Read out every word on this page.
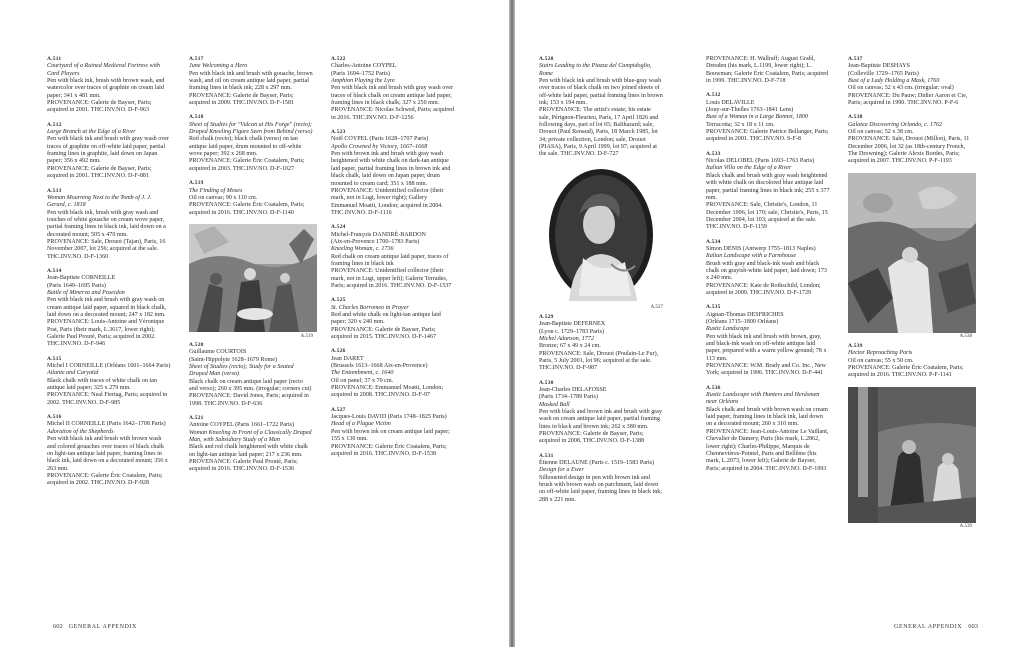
A.511
Courtyard of a Ruined Medieval Fortress with Card Players
Pen with black ink, brush with brown wash, and watercolor over traces of graphite on cream laid paper; 341 x 481 mm.
PROVENANCE: Galerie de Bayser, Paris; acquired in 2001. THC.INV.NO. D-F-963
A.512
Large Branch at the Edge of a River
Pen with black ink and brush with gray wash over traces of graphite on off-white laid paper, partial framing lines in graphite, laid down on Japan paper; 356 x 492 mm.
PROVENANCE: Galerie de Bayser, Paris; acquired in 2001. THC.INV.NO. D-F-881
A.513
Woman Mourning Next to the Tomb of J. J. Gerard, c. 1818
Pen with black ink, brush with gray wash and touches of white gouache on cream wove paper, partial framing lines in black ink, laid down on a decorated mount; 505 x 470 mm.
PROVENANCE: Sale, Drouot (Tajan), Paris, 16 November 2007, lot 256; acquired at the sale. THC.INV.NO. D-F-1360
A.514
Jean-Baptiste CORNEILLE
(Paris 1649–1695 Paris)
Battle of Minerva and Poseidon
Pen with black ink and brush with gray wash on cream antique laid paper, squared in black chalk, laid down on a decorated mount; 247 x 182 mm.
PROVENANCE: Louis-Antoine and Véronique Prat, Paris (their mark, L.3617, lower right); Galerie Paul Prouté, Paris; acquired in 2002. THC.INV.NO. D-F-946
A.515
Michel I CORNEILLE (Orléans 1601–1664 Paris)
Atlante and Caryatid
Black chalk with traces of white chalk on tan antique laid paper; 325 x 279 mm.
PROVENANCE: Neal Fiertag, Paris; acquired in 2002. THC.INV.NO. D-F-985
A.516
Michel II CORNEILLE (Paris 1642–1708 Paris)
Adoration of the Shepherds
Pen with black ink and brush with brown wash and colored gouaches over traces of black chalk on light-tan antique laid paper, framing lines in black ink, laid down on a decorated mount; 356 x 263 mm.
PROVENANCE: Galerie Éric Coatalem, Paris; acquired in 2002. THC.INV.NO. D-F-928
A.517
June Welcoming a Hero
Pen with black ink and brush with gouache, brown wash, and oil on cream antique laid paper, partial framing lines in black ink; 228 x 297 mm.
PROVENANCE: Galerie de Bayser, Paris; acquired in 2009. THC.INV.NO. D-F-1581
A.518
Sheet of Studies for "Vulcan at His Forge" (recto); Draped Kneeling Figure Seen from Behind (verso)
Red chalk (recto); black chalk (verso) on tan antique laid paper, drum mounted to off-white wove paper; 392 x 268 mm.
PROVENANCE: Galerie Éric Coatalem, Paris; acquired in 2003. THC.INV.NO. D-F-1027
A.519
The Finding of Moses
Oil on canvas; 90 x 110 cm.
PROVENANCE: Galerie Éric Coatalem, Paris; acquired in 2016. THC.INV.NO. D-F-1140
A.519
A.520
Guillaume COURTOIS
(Saint-Hippolyte 1628–1679 Rome)
Sheet of Studies (recto); Study for a Seated Draped Man (verso)
Black chalk on cream antique laid paper (recto and verso); 260 x 395 mm. (irregular; corners cut)
PROVENANCE: David Jones, Paris; acquired in 1998. THC.INV.NO. D-F-636
A.521
Antoine COYPEL (Paris 1661–1722 Paris)
Woman Kneeling in Front of a Classically Draped Man, with Subsidiary Study of a Man
Black and red chalk heightened with white chalk on light-tan antique laid paper; 217 x 236 mm.
PROVENANCE: Galerie Paul Prouté, Paris; acquired in 2016. THC.INV.NO. D-F-1536
A.522
Charles-Antoine COYPEL
(Paris 1694–1752 Paris)
Amphion Playing the Lyre
Pen with black ink and brush with gray wash over traces of black chalk on cream antique laid paper, framing lines in black chalk; 327 x 250 mm.
PROVENANCE: Nicolas Schwed, Paris; acquired in 2016. THC.INV.NO. D-F-1256
A.523
Noël COYPEL (Paris 1628–1707 Paris)
Apollo Crowned by Victory, 1667–1668
Pen with brown ink and brush with gray wash heightened with white chalk on dark-tan antique laid paper, partial framing lines in brown ink and black chalk, laid down on Japan paper, drum mounted to cream card; 351 x 188 mm.
PROVENANCE: Unidentified collector (their mark, not in Lugt, lower right); Gallery Emmanuel Moatti, London; acquired in 2004. THC.INV.NO. D-F-1116
A.524
Michel-François DANDRÉ-BARDON
(Aix-en-Provence 1700–1783 Paris)
Kneeling Woman, c. 1736
Red chalk on cream antique laid paper, traces of framing lines in black ink
PROVENANCE: Unidentified collector (their mark, not in Lugt, upper left); Galerie Terrades, Paris; acquired in 2016. THC.INV.NO. D-F-1537
A.525
St. Charles Borromeo in Prayer
Red and white chalk on light-tan antique laid paper; 320 x 240 mm.
PROVENANCE: Galerie de Bayser, Paris; acquired in 2015. THC.INV.NO. D-F-1467
A.526
Jean DARET
(Brussels 1613–1668 Aix-en-Provence)
The Entombment, c. 1640
Oil on panel; 37 x 70 cm.
PROVENANCE: Emmanuel Moatti, London; acquired in 2008. THC.INV.NO. D-F-97
A.527
Jacques-Louis DAVID (Paris 1748–1825 Paris)
Head of a Plague Victim
Pen with brown ink on cream antique laid paper; 155 x 130 mm.
PROVENANCE: Galerie Éric Coatalem, Paris; acquired in 2016. THC.INV.NO. D-F-1538
602 GENERAL APPENDIX
A.528
Stairs Leading to the Piazza del Campidoglio, Rome
Pen with black ink and brush with blue-gray wash over traces of black chalk on two joined sheets of off-white laid paper, partial framing lines in brown ink; 153 x 194 mm.
PROVENANCE: The artist's estate; his estate sale, Pérignon-Fleurieu, Paris, 17 April 1826 and following days, part of lot 65; Balthazard; sale, Drouot (Paul Renaud), Paris, 18 March 1985, lot 34; private collection, London; sale, Drouot (PIASA), Paris, 9 April 1999, lot 97; acquired at the sale. THC.INV.NO. D-F-727
A.527
A.529
Jean-Baptiste DEFERNEX
(Lyon c. 1729–1783 Paris)
Michel Adanson, 1772
Bronze; 67 x 49 x 24 cm.
PROVENANCE: Sale, Drouot (Poulain-Le Fur), Paris, 5 July 2001, lot 96; acquired at the sale. THC.INV.NO. D-F-987
A.530
Jean-Charles DELAFOSSE
(Paris 1734–1789 Paris)
Masked Ball
Pen with black and brown ink and brush with gray wash on cream antique laid paper, partial framing lines in black and brown ink; 262 x 380 mm.
PROVENANCE: Galerie de Bayser, Paris; acquired in 2008. THC.INV.NO. D-F-1388
A.531
Étienne DELAUNE (Paris c. 1519–1583 Paris)
Design for a Ewer
Silhouetted design in pen with brown ink and brush with brown wash on parchment, laid down on off-white laid paper, framing lines in black ink; 288 x 221 mm.
PROVENANCE: H. Wallraff; August Grahl, Dresden (his mark, L.1199, lower right); L. Bouwman; Galerie Éric Coatalem, Paris; acquired in 1999. THC.INV.NO. D-F-718
A.532
Louis DELAVILLE
(Jouy-sur-Thelles 1763–1841 Lens)
Bust of a Woman in a Large Bonnet, 1800
Terracotta; 32 x 18 x 11 cm.
PROVENANCE: Galerie Patrice Bellanger, Paris; acquired in 2001. THC.INV.NO. S-F-8
A.533
Nicolas DELOBEL (Paris 1693–1763 Paris)
Italian Villa on the Edge of a River
Black chalk and brush with gray wash heightened with white chalk on discolored blue antique laid paper, partial framing lines in black ink; 255 x 377 mm.
PROVENANCE: Sale, Christie's, London, 11 December 1996, lot 170; sale, Christie's, Paris, 15 December 2004, lot 103; acquired at the sale. THC.INV.NO. D-F-1159
A.534
Simon DENIS (Antwerp 1755–1813 Naples)
Italian Landscape with a Farmhouse
Brush with gray and black-ink wash and black chalk on grayish-white laid paper, laid down; 173 x 240 mm.
PROVENANCE: Kate de Rothschild, London; acquired in 2009. THC.INV.NO. D-F-1729
A.535
Aignan-Thomas DESFRICHES
(Orléans 1715–1800 Orléans)
Rustic Landscape
Pen with black ink and brush with brown, gray, and black-ink wash on off-white antique laid paper, prepared with a warm yellow ground; 78 x 113 mm.
PROVENANCE: W.M. Brady and Co. Inc., New York; acquired in 1996. THC.INV.NO. D-F-441
A.536
Rustic Landscape with Hunters and Herdsmen near Orléans
Black chalk and brush with brown wash on cream laid paper, framing lines in black ink, laid down on a decorated mount; 260 x 310 mm.
PROVENANCE: Jean-Louis-Antoine Le Vaillant, Chevalier de Damery, Paris (his mark, L.2862, lower right); Charles-Philippe, Marquis de Chennevières-Pointel, Paris and Bellême (his mark, L.2073, lower left); Galerie de Bayser, Paris; acquired in 2004. THC.INV.NO. D-F-1093
A.537
Jean-Baptiste DESHAYS
(Colleville 1729–1765 Paris)
Bust of a Lady Holding a Mask, 1760
Oil on canvas; 52 x 43 cm. (irregular; oval)
PROVENANCE: Du Pauw; Didier Aaron et Cie, Paris; acquired in 1990. THC.INV.NO. P-F-6
A.538
Galatea Discovering Orlando, c. 1762
Oil on canvas; 52 x 38 cm.
PROVENANCE: Sale, Drouot (Millon), Paris, 11 December 2006, lot 32 (as 18th-century French, The Drowning); Galerie Alexis Bordes, Paris; acquired in 2007. THC.INV.NO. P-F-1193
A.538
A.539
Hector Reproaching Paris
Oil on canvas; 55 x 50 cm.
PROVENANCE: Galerie Éric Coatalem, Paris; acquired in 2016. THC.INV.NO. P-F-1141
A.539
GENERAL APPENDIX 603
